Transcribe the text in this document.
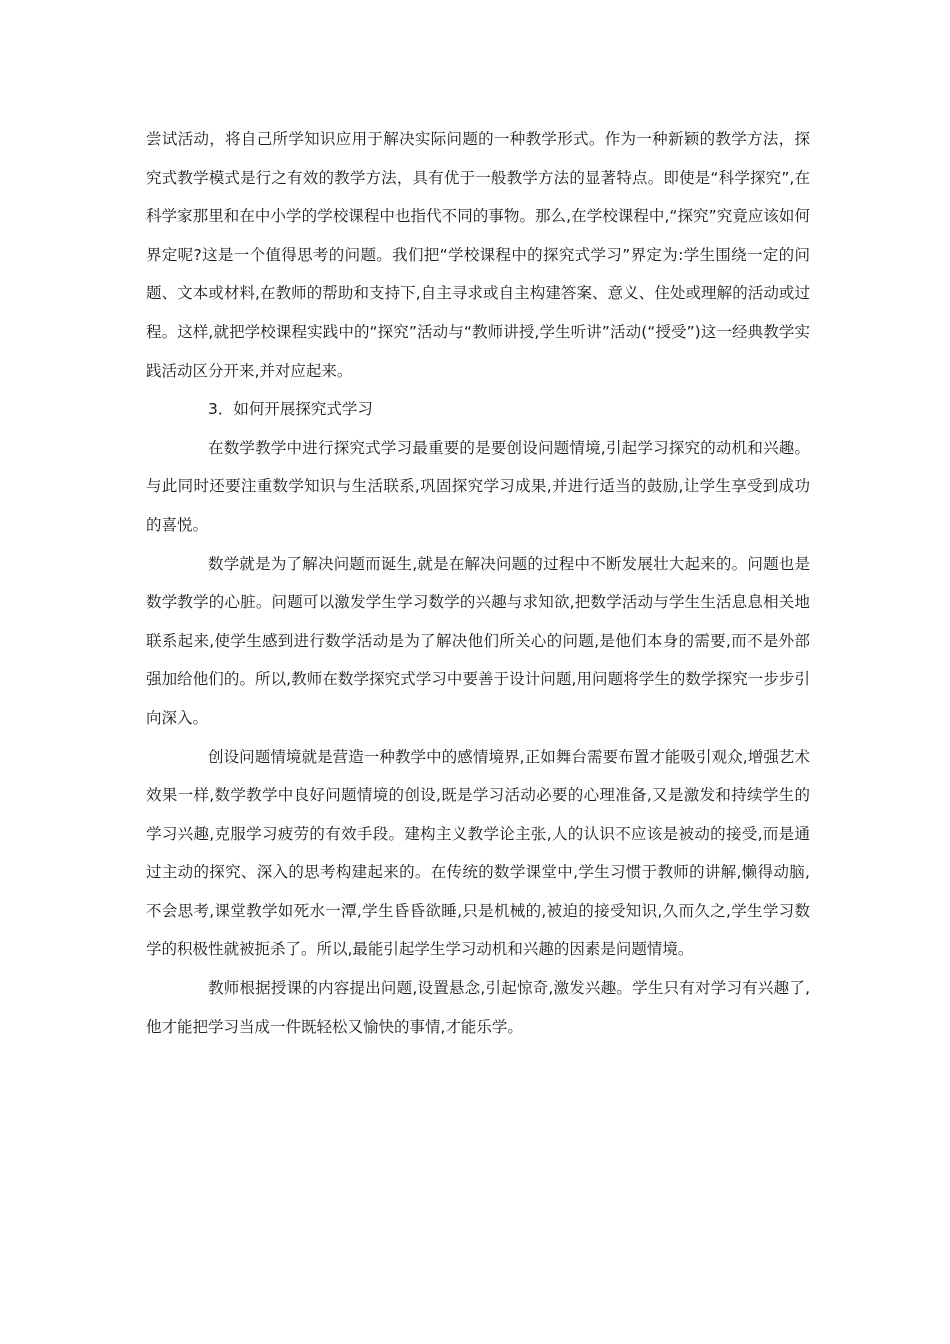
尝试活动，将自己所学知识应用于解决实际问题的一种教学形式。作为一种新颖的教学方法，探究式教学模式是行之有效的教学方法，具有优于一般教学方法的显著特点。即使是“科学探究”,在科学家那里和在中小学的学校课程中也指代不同的事物。那么,在学校课程中,“探究”究竟应该如何界定呢?这是一个值得思考的问题。我们把“学校课程中的探究式学习”界定为:学生围绕一定的问题、文本或材料,在教师的帮助和支持下,自主寻求或自主构建答案、意义、住处或理解的活动或过程。这样,就把学校课程实践中的“探究”活动与“教师讲授,学生听讲”活动(“授受”)这一经典教学实践活动区分开来,并对应起来。

3．如何开展探究式学习

在数学教学中进行探究式学习最重要的是要创设问题情境,引起学习探究的动机和兴趣。与此同时还要注重数学知识与生活联系,巩固探究学习成果,并进行适当的鼓励,让学生享受到成功的喜悦。

数学就是为了解决问题而诞生,就是在解决问题的过程中不断发展壮大起来的。问题也是数学教学的心脏。问题可以激发学生学习数学的兴趣与求知欲,把数学活动与学生生活息息相关地联系起来,使学生感到进行数学活动是为了解决他们所关心的问题,是他们本身的需要,而不是外部强加给他们的。所以,教师在数学探究式学习中要善于设计问题,用问题将学生的数学探究一步步引向深入。

创设问题情境就是营造一种教学中的感情境界,正如舞台需要布置才能吸引观众,增强艺术效果一样,数学教学中良好问题情境的创设,既是学习活动必要的心理准备,又是激发和持续学生的学习兴趣,克服学习疲劳的有效手段。建构主义教学论主张,人的认识不应该是被动的接受,而是通过主动的探究、深入的思考构建起来的。在传统的数学课堂中,学生习惯于教师的讲解,懒得动脑,不会思考,课堂教学如死水一潭,学生昏昏欲睡,只是机械的,被迫的接受知识,久而久之,学生学习数学的积极性就被扼杀了。所以,最能引起学生学习动机和兴趣的因素是问题情境。

教师根据授课的内容提出问题,设置悬念,引起惊奇,激发兴趣。学生只有对学习有兴趣了,他才能把学习当成一件既轻松又愉快的事情,才能乐学。
